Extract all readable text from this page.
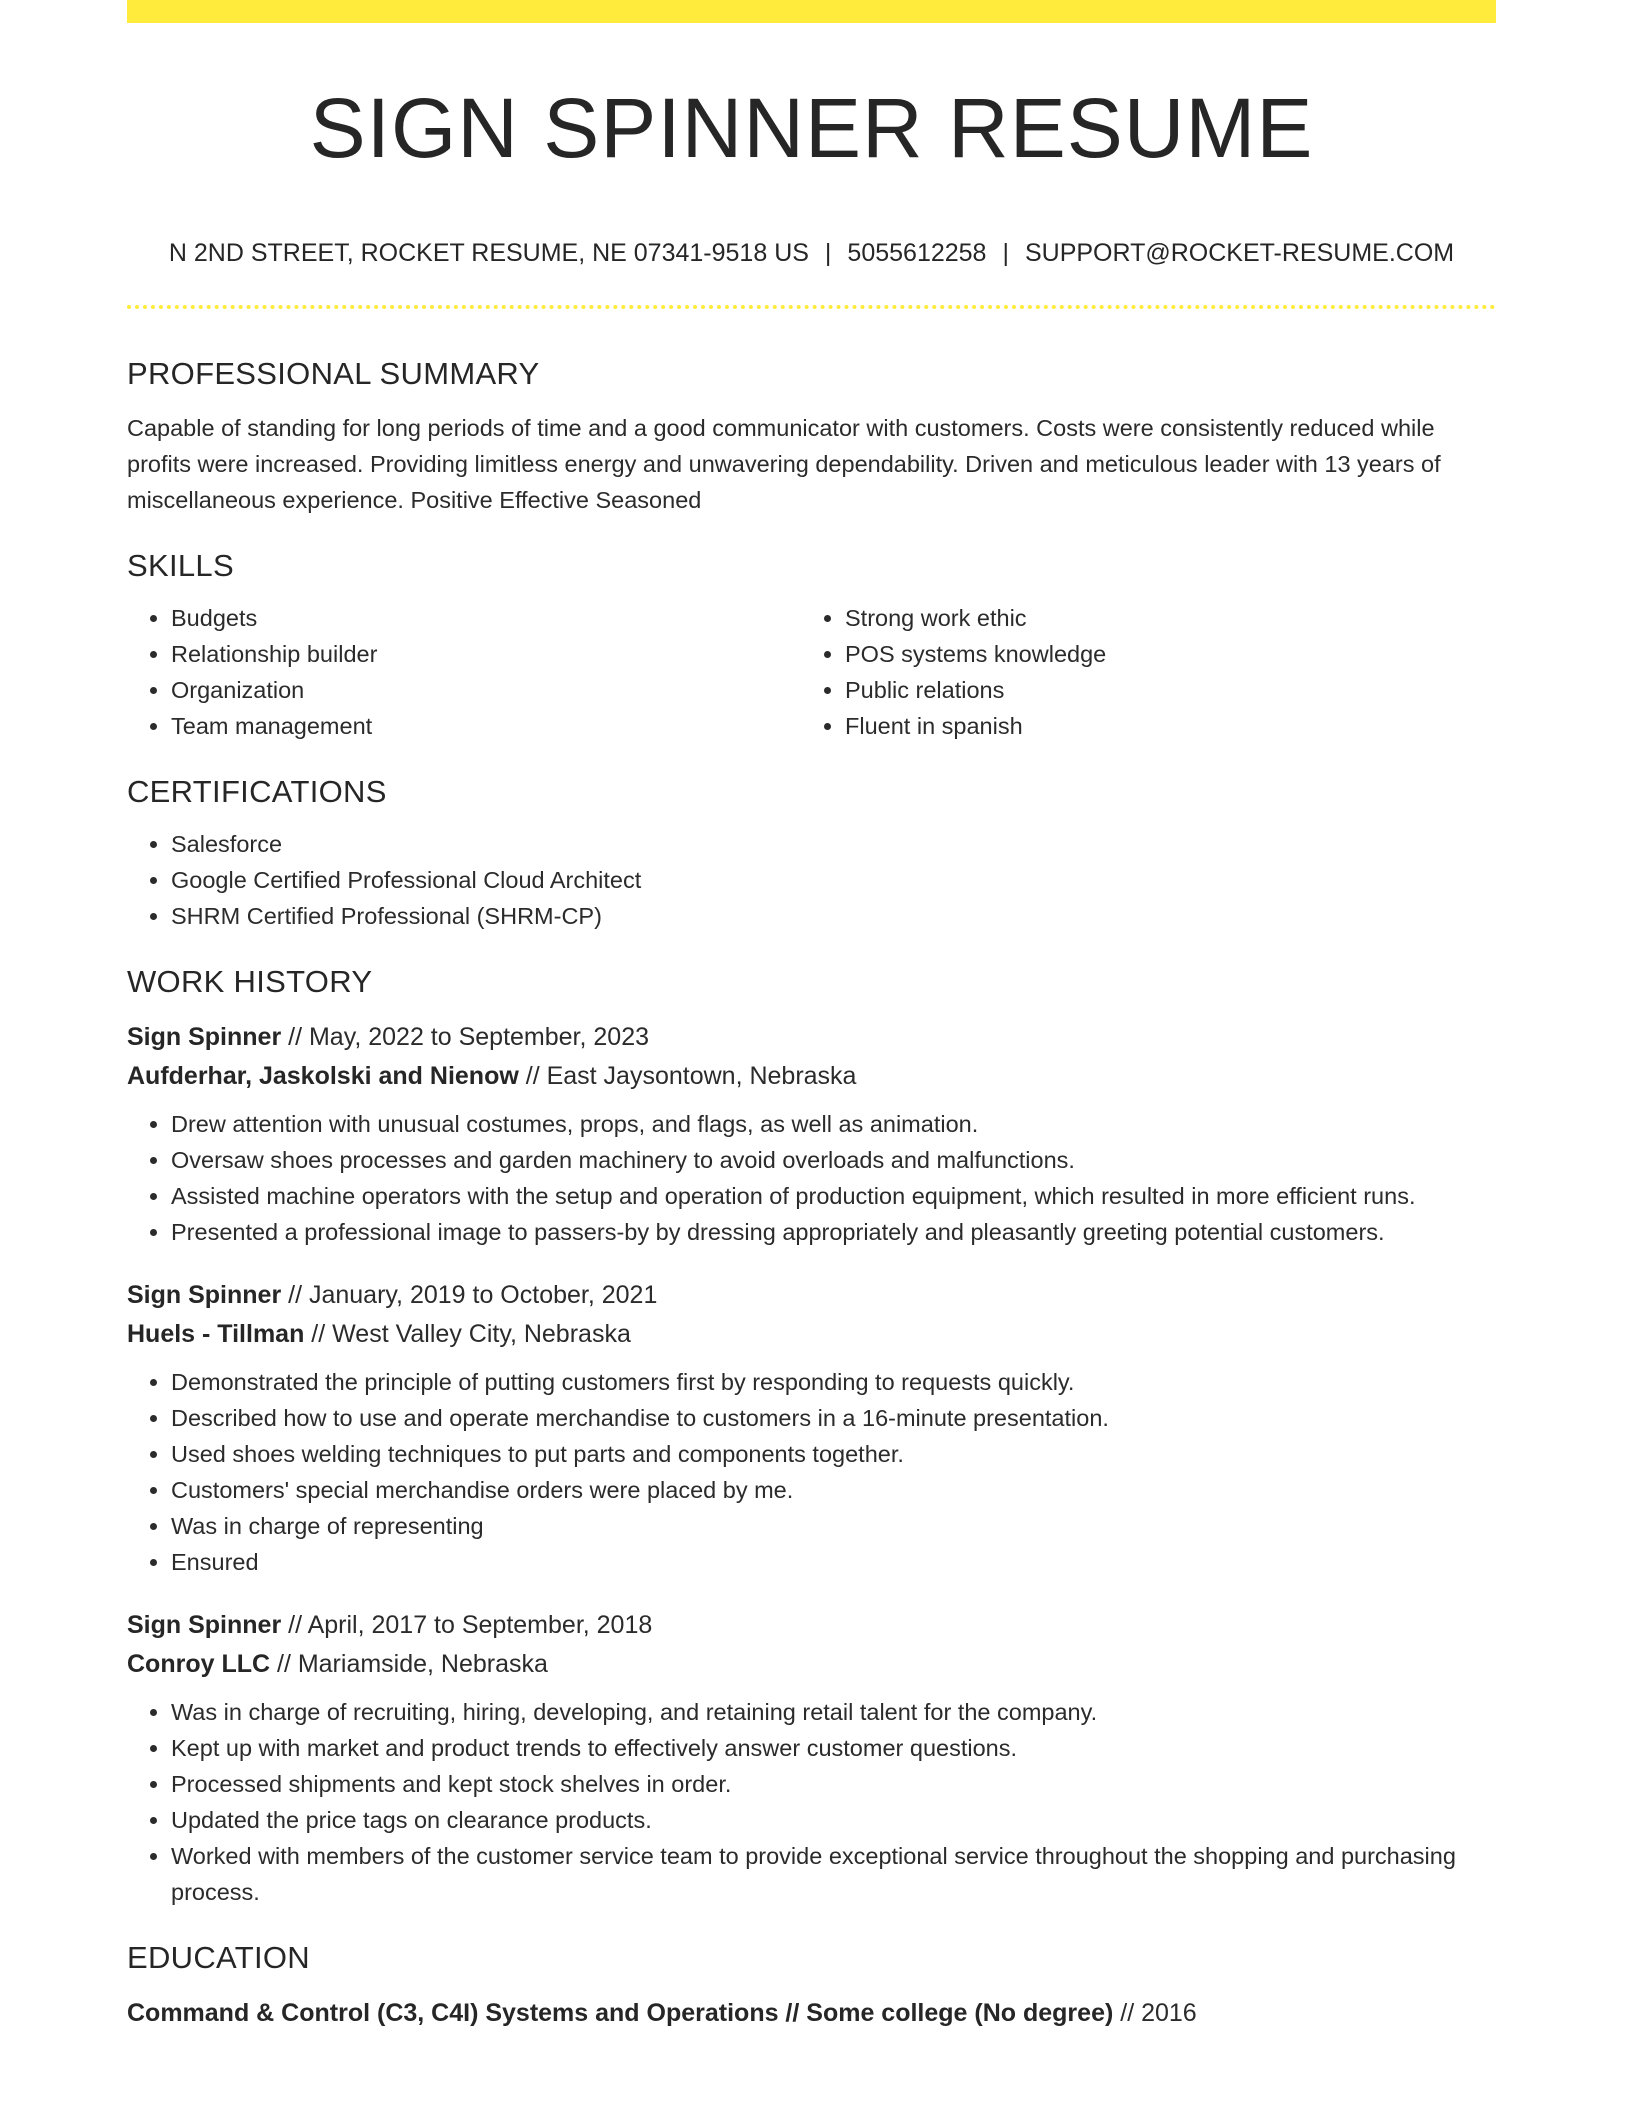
SIGN SPINNER RESUME
N 2ND STREET, ROCKET RESUME, NE 07341-9518 US | 5055612258 | SUPPORT@ROCKET-RESUME.COM
PROFESSIONAL SUMMARY

Capable of standing for long periods of time and a good communicator with customers. Costs were consistently reduced while profits were increased. Providing limitless energy and unwavering dependability. Driven and meticulous leader with 13 years of miscellaneous experience. Positive Effective Seasoned

SKILLS
• Budgets
• Relationship builder
• Organization
• Team management
• Strong work ethic
• POS systems knowledge
• Public relations
• Fluent in spanish
CERTIFICATIONS
• Salesforce
• Google Certified Professional Cloud Architect
• SHRM Certified Professional (SHRM-CP)
WORK HISTORY
Sign Spinner // May, 2022 to September, 2023
Aufderhar, Jaskolski and Nienow // East Jaysontown, Nebraska
• Drew attention with unusual costumes, props, and flags, as well as animation.
• Oversaw shoes processes and garden machinery to avoid overloads and malfunctions.
• Assisted machine operators with the setup and operation of production equipment, which resulted in more efficient runs.
• Presented a professional image to passers-by by dressing appropriately and pleasantly greeting potential customers.
Sign Spinner // January, 2019 to October, 2021
Huels - Tillman // West Valley City, Nebraska
• Demonstrated the principle of putting customers first by responding to requests quickly.
• Described how to use and operate merchandise to customers in a 16-minute presentation.
• Used shoes welding techniques to put parts and components together.
• Customers' special merchandise orders were placed by me.
• Was in charge of representing
• Ensured
Sign Spinner // April, 2017 to September, 2018
Conroy LLC // Mariamside, Nebraska
• Was in charge of recruiting, hiring, developing, and retaining retail talent for the company.
• Kept up with market and product trends to effectively answer customer questions.
• Processed shipments and kept stock shelves in order.
• Updated the price tags on clearance products.
• Worked with members of the customer service team to provide exceptional service throughout the shopping and purchasing process.
EDUCATION
Command & Control (C3, C4I) Systems and Operations // Some college (No degree) // 2016
